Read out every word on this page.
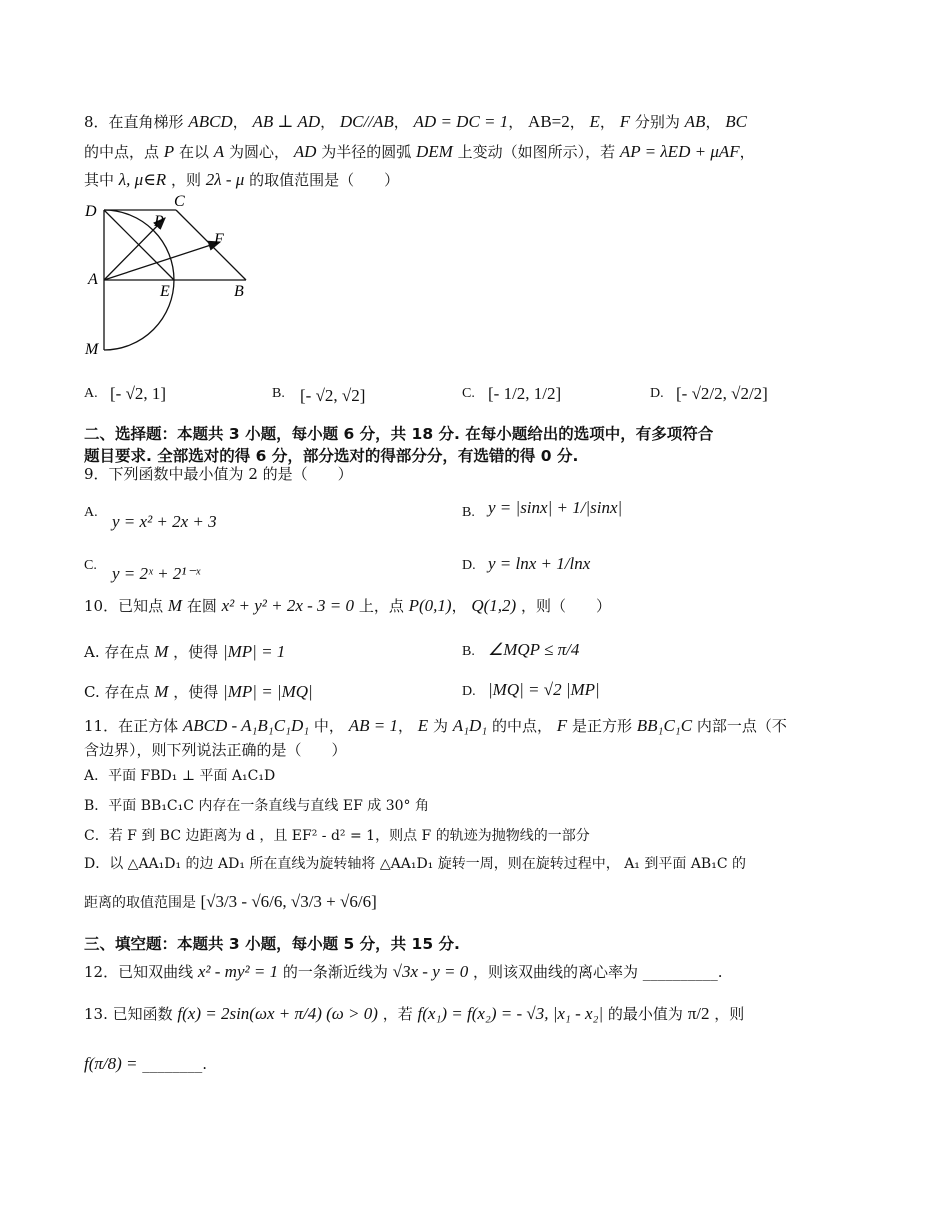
8．在直角梯形 ABCD， AB ⊥ AD， DC//AB， AD = DC = 1， AB=2， E， F 分别为 AB， BC
的中点，点 P 在以 A 为圆心， AD 为半径的圆弧 DEM 上变动（如图所示），若 AP = λED + μAF，
其中 λ, μ∈R ，则 2λ - μ 的取值范围是（　　）
D
C
P
F
A
E	B
M
A. [- √2, 1]	B. [- √2, √2]	C. [- 1/2, 1/2]	D. [- √2/2, √2/2]
二、选择题：本题共 3 小题，每小题 6 分，共 18 分. 在每小题给出的选项中，有多项符合
题目要求. 全部选对的得 6 分，部分选对的得部分分，有选错的得 0 分.
9．下列函数中最小值为 2 的是（　　）
A. y = x² + 2x + 3	B. y = |sinx| + 1/|sinx|
C. y = 2ˣ + 2¹⁻ˣ	D. y = lnx + 1/lnx
10．已知点 M 在圆 x² + y² + 2x - 3 = 0 上，点 P(0,1)， Q(1,2) ，则（　　）
A. 存在点 M ，使得 |MP| = 1	B. ∠MQP ≤ π/4
C. 存在点 M ，使得 |MP| = |MQ|	D. |MQ| = √2 |MP|
11．在正方体 ABCD - A₁B₁C₁D₁ 中， AB = 1， E 为 A₁D₁ 的中点， F 是正方形 BB₁C₁C 内部一点（不
含边界），则下列说法正确的是（　　）
A．平面 FBD₁ ⊥ 平面 A₁C₁D
B．平面 BB₁C₁C 内存在一条直线与直线 EF 成 30° 角
C．若 F 到 BC 边距离为 d ，且 EF² - d² = 1，则点 F 的轨迹为抛物线的一部分
D．以 △AA₁D₁ 的边 AD₁ 所在直线为旋转轴将 △AA₁D₁ 旋转一周，则在旋转过程中， A₁ 到平面 AB₁C 的
距离的取值范围是 [√3/3 - √6/6, √3/3 + √6/6]
三、填空题：本题共 3 小题，每小题 5 分，共 15 分.
12．已知双曲线 x² - my² = 1 的一条渐近线为 √3x - y = 0 ，则该双曲线的离心率为 __________.
13. 已知函数 f(x) = 2sin(ωx + π/4) (ω > 0) ，若 f(x₁) = f(x₂) = - √3, |x₁ - x₂| 的最小值为 π/2 ，则
f(π/8) = ________.
